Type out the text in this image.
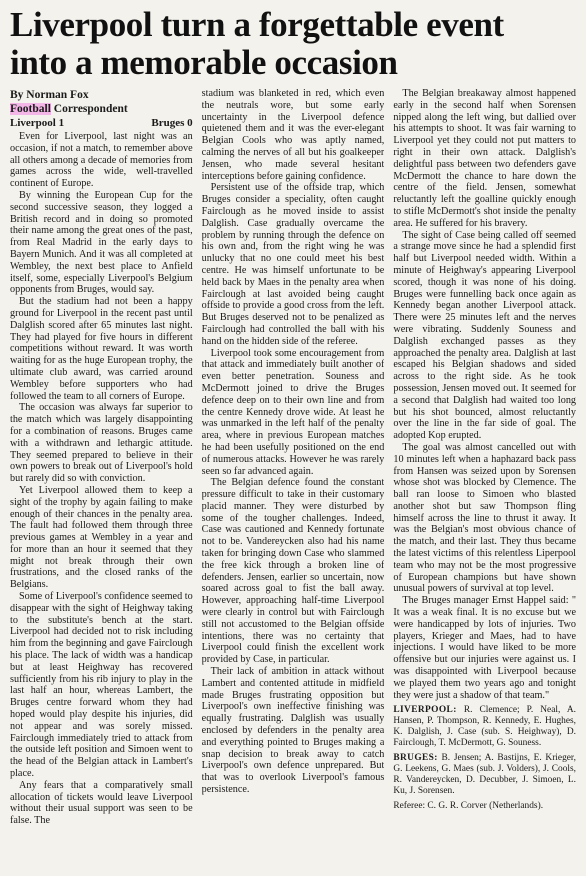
Liverpool turn a forgettable event
into a memorable occasion
By Norman Fox
Football Correspondent
Liverpool 1	Bruges 0

Even for Liverpool, last night was an occasion, if not a match, to remember above all others among a decade of memories from games across the wide, well-travelled continent of Europe.

By winning the European Cup for the second successive season, they logged a British record and in doing so promoted their name among the great ones of the past, from Real Madrid in the early days to Bayern Munich. And it was all completed at Wembley, the next best place to Anfield itself, some, especially Liverpool's Belgium opponents from Bruges, would say.

But the stadium had not been a happy ground for Liverpool in the recent past until Dalglish scored after 65 minutes last night. They had played for five hours in different competitions without reward. It was worth waiting for as the huge European trophy, the ultimate club award, was carried around Wembley before supporters who had followed the team to all corners of Europe.

The occasion was always far superior to the match which was largely disappointing for a combination of reasons. Bruges came with a withdrawn and lethargic attitude. They seemed prepared to believe in their own powers to break out of Liverpool's hold but rarely did so with conviction.

Yet Liverpool allowed them to keep a sight of the trophy by again failing to make enough of their chances in the penalty area. The fault had followed them through three previous games at Wembley in a year and for more than an hour it seemed that they might not break through their own frustrations, and the closed ranks of the Belgians.

Some of Liverpool's confidence seemed to disappear with the sight of Heighway taking to the substitute's bench at the start. Liverpool had decided not to risk including him from the beginning and gave Fairclough his place. The lack of width was a handicap but at least Heighway has recovered sufficiently from his rib injury to play in the last half an hour, whereas Lambert, the Bruges centre forward whom they had hoped would play despite his injuries, did not appear and was sorely missed. Fairclough immediately tried to attack from the outside left position and Simoen went to the head of the Belgian attack in Lambert's place.

Any fears that a comparatively small allocation of tickets would leave Liverpool without their usual support was seen to be false. The

stadium was blanketed in red, which even the neutrals wore, but some early uncertainty in the Liverpool defence quietened them and it was the ever-elegant Belgian Cools who was aptly named, calming the nerves of all but his goalkeeper Jensen, who made several hesitant interceptions before gaining confidence.

Persistent use of the offside trap, which Bruges consider a speciality, often caught Fairclough as he moved inside to assist Dalglish. Case gradually overcame the problem by running through the defence on his own and, from the right wing he was unlucky that no one could meet his best centre. He was himself unfortunate to be held back by Maes in the penalty area when Fairclough at last avoided being caught offside to provide a good cross from the left. But Bruges deserved not to be penalized as Fairclough had controlled the ball with his hand on the hidden side of the referee.

Liverpool took some encouragement from that attack and immediately built another of even better penetration. Souness and McDermott joined to drive the Bruges defence deep on to their own line and from the centre Kennedy drove wide. At least he was unmarked in the left half of the penalty area, where in previous European matches he had been usefully positioned on the end of numerous attacks. However he was rarely seen so far advanced again.

The Belgian defence found the constant pressure difficult to take in their customary placid manner. They were disturbed by some of the tougher challenges. Indeed, Case was cautioned and Kennedy fortunate not to be. Vandereycken also had his name taken for bringing down Case who slammed the free kick through a broken line of defenders. Jensen, earlier so uncertain, now soared across goal to fist the ball away. However, approaching half-time Liverpool were clearly in control but with Fairclough still not accustomed to the Belgian offside intentions, there was no certainty that Liverpool could finish the excellent work provided by Case, in particular.

Their lack of ambition in attack without Lambert and contented attitude in midfield made Bruges frustrating opposition but Liverpool's own ineffective finishing was equally frustrating. Dalglish was usually enclosed by defenders in the penalty area and everything pointed to Bruges making a snap decision to break away to catch Liverpool's own defence unprepared. But that was to overlook Liverpool's famous persistence.

The Belgian breakaway almost happened early in the second half when Sorensen nipped along the left wing, but dallied over his attempts to shoot. It was fair warning to Liverpool yet they could not put matters to right in their own attack. Dalglish's delightful pass between two defenders gave McDermott the chance to hare down the centre of the field. Jensen, somewhat reluctantly left the goalline quickly enough to stifle McDermott's shot inside the penalty area. He suffered for his bravery.

The sight of Case being called off seemed a strange move since he had a splendid first half but Liverpool needed width. Within a minute of Heighway's appearing Liverpool scored, though it was none of his doing. Bruges were funnelling back once again as Kennedy began another Liverpool attack. There were 25 minutes left and the nerves were vibrating. Suddenly Souness and Dalglish exchanged passes as they approached the penalty area. Dalglish at last escaped his Belgian shadows and sided across to the right side. As he took possession, Jensen moved out. It seemed for a second that Dalglish had waited too long but his shot bounced, almost reluctantly over the line in the far side of goal. The adopted Kop erupted.

The goal was almost cancelled out with 10 minutes left when a haphazard back pass from Hansen was seized upon by Sorensen whose shot was blocked by Clemence. The ball ran loose to Simoen who blasted another shot but saw Thompson fling himself across the line to thrust it away. It was the Belgian's most obvious chance of the match, and their last. They thus became the latest victims of this relentless Liperpool team who may not be the most progressive of European champions but have shown unusual powers of survival at top level.

The Bruges manager Ernst Happel said: " It was a weak final. It is no excuse but we were handicapped by lots of injuries. Two players, Krieger and Maes, had to have injections. I would have liked to be more offensive but our injuries were against us. I was disappointed with Liverpool because we played them two years ago and tonight they were just a shadow of that team."

LIVERPOOL: R. Clemence; P. Neal, A. Hansen, P. Thompson, R. Kennedy, E. Hughes, K. Dalglish, J. Case (sub. S. Heighway), D. Fairclough, T. McDermott, G. Souness.

BRUGES: B. Jensen; A. Bastijns, E. Krieger, G. Leekens, G. Maes (sub. J. Volders), J. Cools, R. Vandereycken, D. Decubber, J. Simoen, L. Ku, J. Sorensen.

Referee: C. G. R. Corver (Netherlands).
